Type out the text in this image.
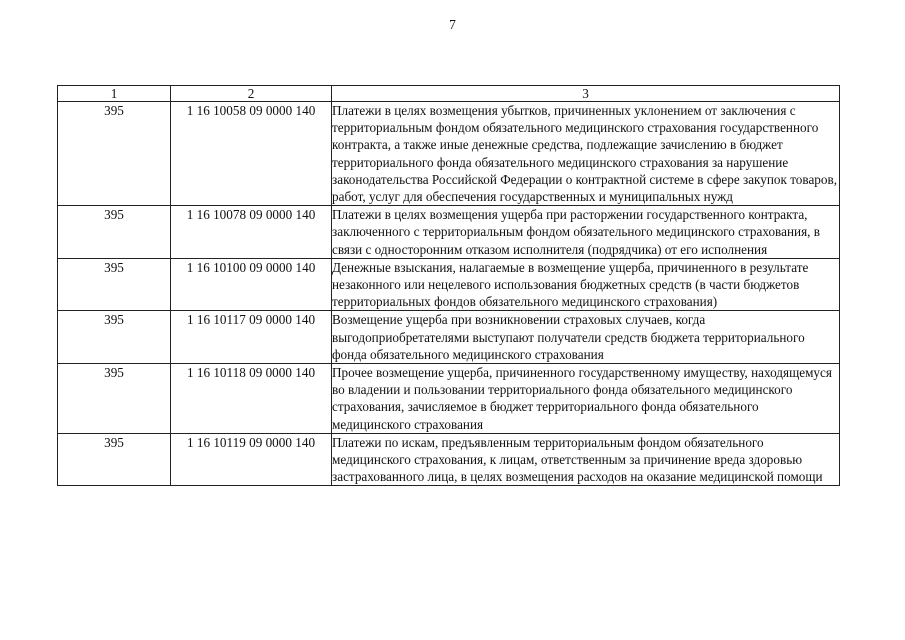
7
1	2	3
395	1 16 10058 09 0000 140	Платежи в целях возмещения убытков, причиненных уклонением от заключения с территориальным фондом обязательного медицинского страхования государственного контракта, а также иные денежные средства, подлежащие зачислению в бюджет территориального фонда обязательного медицинского страхования за нарушение законодательства Российской Федерации о контрактной системе в сфере закупок товаров, работ, услуг для обеспечения государственных и муниципальных нужд
395	1 16 10078 09 0000 140	Платежи в целях возмещения ущерба при расторжении государственного контракта, заключенного с территориальным фондом обязательного медицинского страхования, в связи с односторонним отказом исполнителя (подрядчика) от его исполнения
395	1 16 10100 09 0000 140	Денежные взыскания, налагаемые в возмещение ущерба, причиненного в результате незаконного или нецелевого использования бюджетных средств (в части бюджетов территориальных фондов обязательного медицинского страхования)
395	1 16 10117 09 0000 140	Возмещение ущерба при возникновении страховых случаев, когда выгодоприобретателями выступают получатели средств бюджета территориального фонда обязательного медицинского страхования
395	1 16 10118 09 0000 140	Прочее возмещение ущерба, причиненного государственному имуществу, находящемуся во владении и пользовании территориального фонда обязательного медицинского страхования, зачисляемое в бюджет территориального фонда обязательного медицинского страхования
395	1 16 10119 09 0000 140	Платежи по искам, предъявленным территориальным фондом обязательного медицинского страхования, к лицам, ответственным за причинение вреда здоровью застрахованного лица, в целях возмещения расходов на оказание медицинской помощи
